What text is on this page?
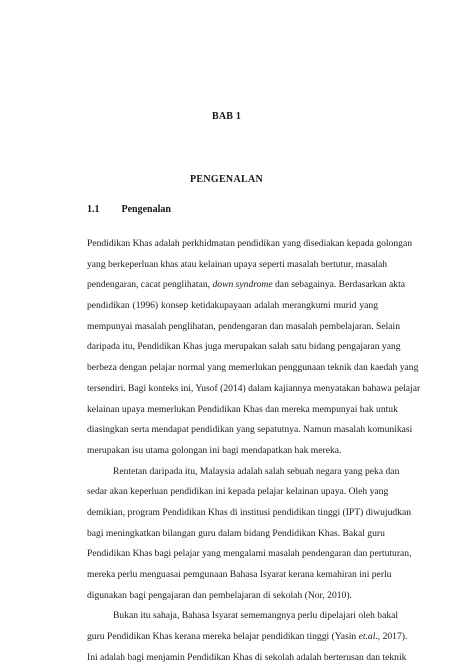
BAB 1
PENGENALAN
1.1 Pengenalan
Pendidikan Khas adalah perkhidmatan pendidikan yang disediakan kepada golongan
yang berkeperluan khas atau kelainan upaya seperti masalah bertutur, masalah
pendengaran, cacat penglihatan, down syndrome dan sebagainya. Berdasarkan akta
pendidikan (1996) konsep ketidakupayaan adalah merangkumi murid yang
mempunyai masalah penglihatan, pendengaran dan masalah pembelajaran. Selain
daripada itu, Pendidikan Khas juga merupakan salah satu bidang pengajaran yang
berbeza dengan pelajar normal yang memerlukan penggunaan teknik dan kaedah yang
tersendiri. Bagi konteks ini, Yusof (2014) dalam kajiannya menyatakan bahawa pelajar
kelainan upaya memerlukan Pendidikan Khas dan mereka mempunyai hak untuk
diasingkan serta mendapat pendidikan yang sepatutnya. Namun masalah komunikasi
merupakan isu utama golongan ini bagi mendapatkan hak mereka.
Rentetan daripada itu, Malaysia adalah salah sebuah negara yang peka dan
sedar akan keperluan pendidikan ini kepada pelajar kelainan upaya. Oleh yang
demikian, program Pendidikan Khas di institusi pendidikan tinggi (IPT) diwujudkan
bagi meningkatkan bilangan guru dalam bidang Pendidikan Khas. Bakal guru
Pendidikan Khas bagi pelajar yang mengalami masalah pendengaran dan pertuturan,
mereka perlu menguasai pemgunaan Bahasa Isyarat kerana kemahiran ini perlu
digunakan bagi pengajaran dan pembelajaran di sekolah (Nor, 2010).
Bukan itu sahaja, Bahasa Isyarat sememangnya perlu dipelajari oleh bakal
guru Pendidikan Khas kerana mereka belajar pendidikan tinggi (Yasin et.al., 2017).
Ini adalah bagi menjamin Pendidikan Khas di sekolah adalah berterusan dan teknik
